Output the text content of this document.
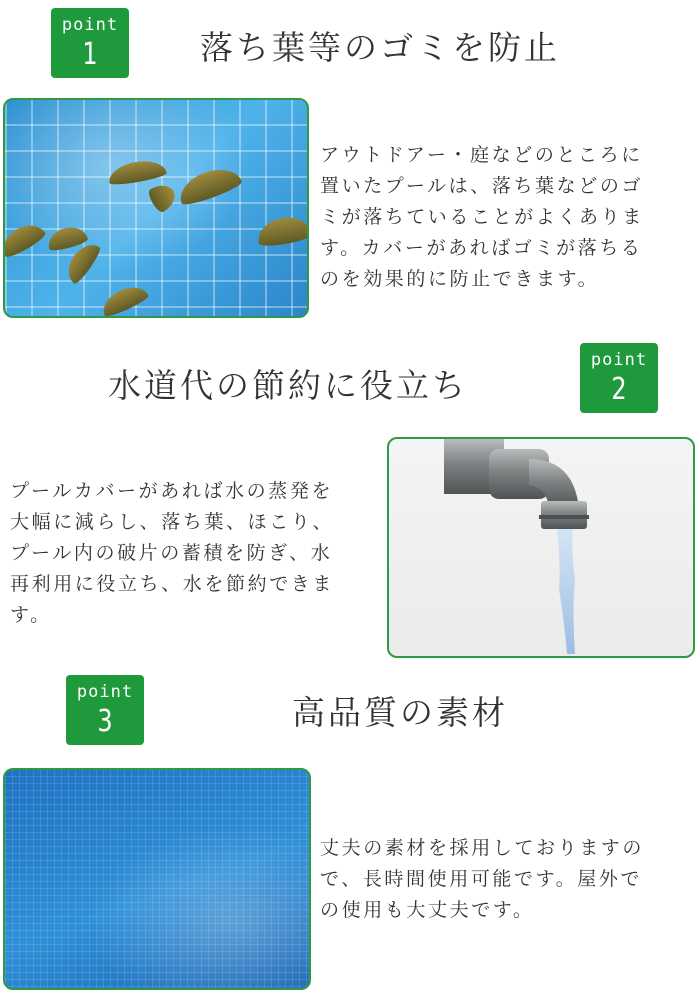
point
1	落ち葉等のゴミを防止
アウトドアー・庭などのところに
置いたプールは、落ち葉などのゴ
ミが落ちていることがよくありま
す。カバーがあればゴミが落ちる
のを効果的に防止できます。
水道代の節約に役立ち
point
2
プールカバーがあれば水の蒸発を
大幅に減らし、落ち葉、ほこり、
プール内の破片の蓄積を防ぎ、水
再利用に役立ち、水を節約できま
す。
point
3	高品質の素材
丈夫の素材を採用しておりますの
で、長時間使用可能です。屋外で
の使用も大丈夫です。
